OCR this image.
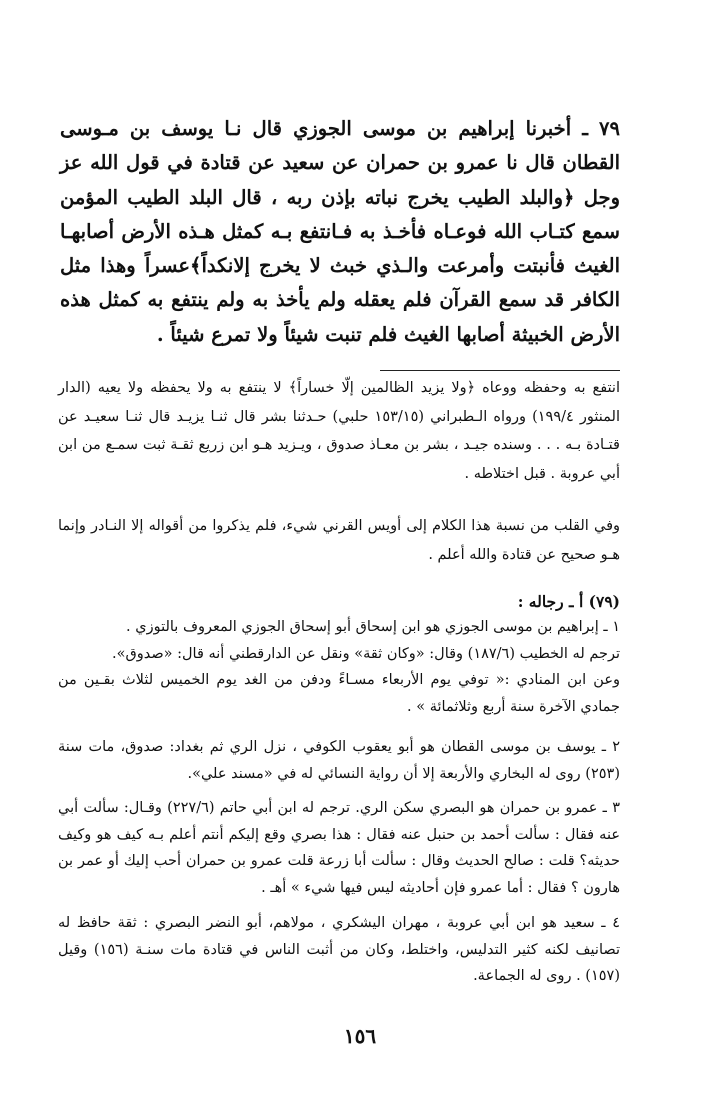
٧٩ ـ أخبرنا إبراهيم بن موسى الجوزي قال نـا يوسف بن مـوسى القطان قال نا عمرو بن حمران عن سعيد عن قتادة في قول الله عز وجل ﴿والبلد الطيب يخرج نباته بإذن ربه ، قال البلد الطيب المؤمن سمع كتـاب الله فوعـاه فأخـذ به فـانتفع بـه كمثل هـذه الأرض أصابهـا الغيث فأنبتت وأمرعت والـذي خبث لا يخرج إلانكداً﴾عسراً وهذا مثل الكافر قد سمع القرآن فلم يعقله ولم يأخذ به ولم ينتفع به كمثل هذه الأرض الخبيثة أصابها الغيث فلم تنبت شيئاً ولا تمرع شيئاً .
انتفع به وحفظه ووعاه ﴿ولا يزيد الظالمين إلّا خساراً﴾ لا ينتفع به ولا يحفظه ولا يعيه (الدار المنثور ١٩٩/٤) ورواه الـطبراني (١٥٣/١٥ حلبي) حـدثنا بشر قال ثنـا يزيـد قال ثنـا سعيـد عن قتـادة بـه . . . وسنده جيـد ، بشر بن معـاذ صدوق ، ويـزيد هـو ابن زريع ثقـة ثبت سمـع من ابن أبي عروبة . قبل اختلاطه .
وفي القلب من نسبة هذا الكلام إلى أويس القرني شيء، فلم يذكروا من أقواله إلا النـادر وإنما هـو صحيح عن قتادة والله أعلم .
(٧٩) أ ـ رجاله :
١ ـ إبراهيم بن موسى الجوزي هو ابن إسحاق أبو إسحاق الجوزي المعروف بالتوزي .
ترجم له الخطيب (١٨٧/٦) وقال: «وكان ثقة» ونقل عن الدارقطني أنه قال: «صدوق».
وعن ابن المنادي :« توفي يوم الأربعاء مسـاءً ودفن من الغد يوم الخميس لثلاث بقـين من جمادي الآخرة سنة أربع وثلاثمائة » .
٢ ـ يوسف بن موسى القطان هو أبو يعقوب الكوفي ، نزل الري ثم بغداد: صدوق، مات سنة (٢٥٣) روى له البخاري والأربعة إلا أن رواية النسائي له في «مسند علي».
٣ ـ عمرو بن حمران هو البصري سكن الري. ترجم له ابن أبي حاتم (٢٢٧/٦) وقـال: سألت أبي عنه فقال : سألت أحمد بن حنبل عنه فقال : هذا بصري وقع إليكم أنتم أعلم بـه كيف هو وكيف حديثه؟ قلت : صالح الحديث وقال : سألت أبا زرعة قلت عمرو بن حمران أحب إليك أو عمر بن هارون ؟ فقال : أما عمرو فإن أحاديثه ليس فيها شيء » أهـ .
٤ ـ سعيد هو ابن أبي عروبة ، مهران اليشكري ، مولاهم، أبو النضر البصري : ثقة حافظ له تصانيف لكنه كثير التدليس، واختلط، وكان من أثبت الناس في قتادة مات سنـة (١٥٦) وقيل (١٥٧) . روى له الجماعة.
١٥٦
